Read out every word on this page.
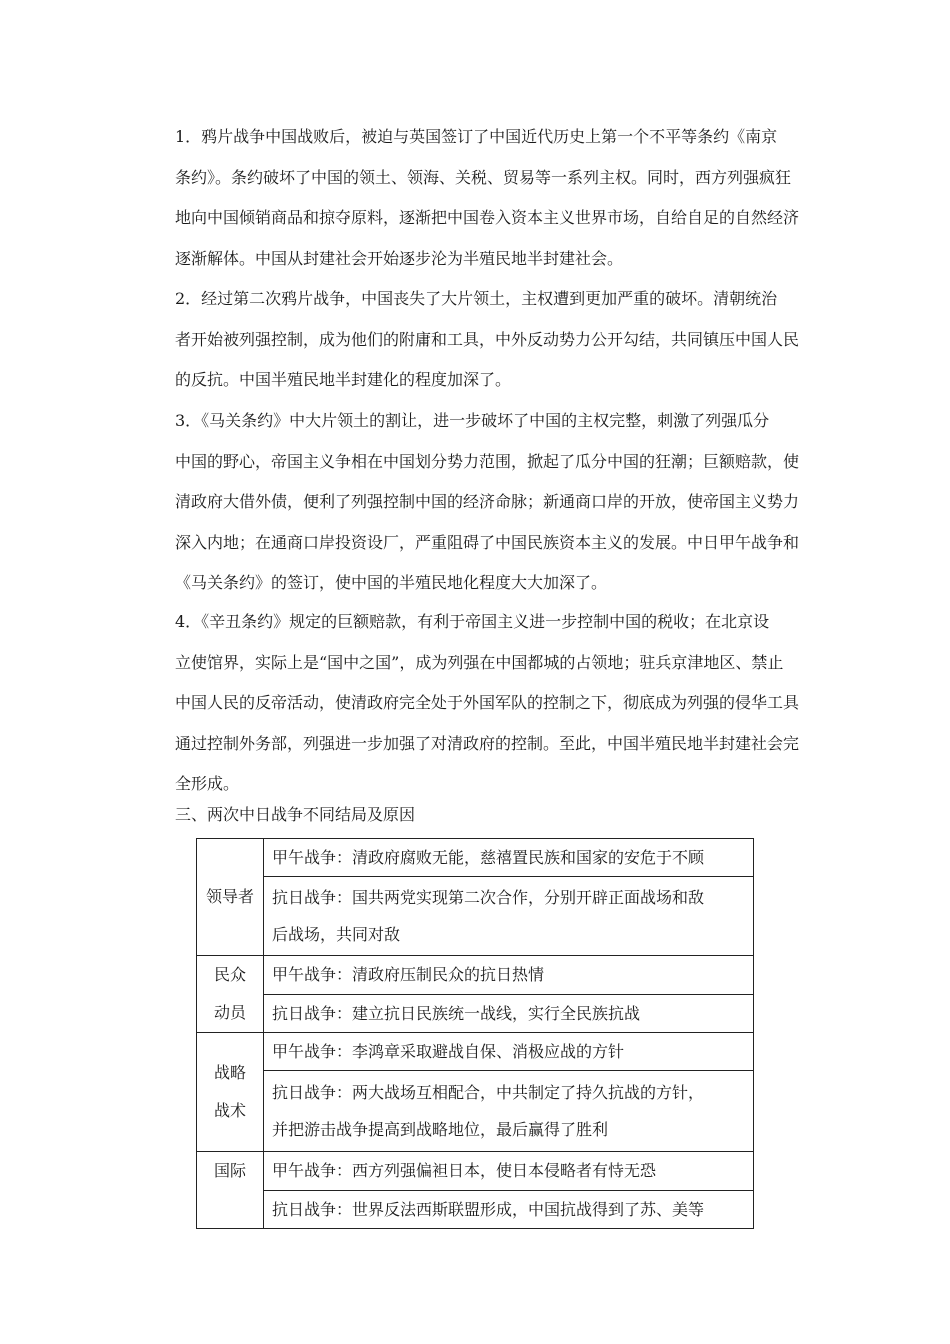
1．鸦片战争中国战败后，被迫与英国签订了中国近代历史上第一个不平等条约《南京
条约》。条约破坏了中国的领土、领海、关税、贸易等一系列主权。同时，西方列强疯狂
地向中国倾销商品和掠夺原料，逐渐把中国卷入资本主义世界市场，自给自足的自然经济
逐渐解体。中国从封建社会开始逐步沦为半殖民地半封建社会。
2．经过第二次鸦片战争，中国丧失了大片领土，主权遭到更加严重的破坏。清朝统治
者开始被列强控制，成为他们的附庸和工具，中外反动势力公开勾结，共同镇压中国人民
的反抗。中国半殖民地半封建化的程度加深了。
3．《马关条约》中大片领土的割让，进一步破坏了中国的主权完整，刺激了列强瓜分
中国的野心，帝国主义争相在中国划分势力范围，掀起了瓜分中国的狂潮；巨额赔款，使
清政府大借外债，便利了列强控制中国的经济命脉；新通商口岸的开放，使帝国主义势力
深入内地；在通商口岸投资设厂，严重阻碍了中国民族资本主义的发展。中日甲午战争和
《马关条约》的签订，使中国的半殖民地化程度大大加深了。
4．《辛丑条约》规定的巨额赔款，有利于帝国主义进一步控制中国的税收；在北京设
立使馆界，实际上是“国中之国”，成为列强在中国都城的占领地；驻兵京津地区、禁止
中国人民的反帝活动，使清政府完全处于外国军队的控制之下，彻底成为列强的侵华工具
通过控制外务部，列强进一步加强了对清政府的控制。至此，中国半殖民地半封建社会完
全形成。

三、两次中日战争不同结局及原因

领导者	甲午战争：清政府腐败无能，慈禧置民族和国家的安危于不顾

	抗日战争：国共两党实现第二次合作，分别开辟正面战场和敌
后战场，共同对敌

民众
动员	甲午战争：清政府压制民众的抗日热情

	抗日战争：建立抗日民族统一战线，实行全民族抗战

战略
战术	甲午战争：李鸿章采取避战自保、消极应战的方针

	抗日战争：两大战场互相配合，中共制定了持久抗战的方针，
并把游击战争提高到战略地位，最后赢得了胜利

国际	甲午战争：西方列强偏袒日本，使日本侵略者有恃无恐

	抗日战争：世界反法西斯联盟形成，中国抗战得到了苏、美等
